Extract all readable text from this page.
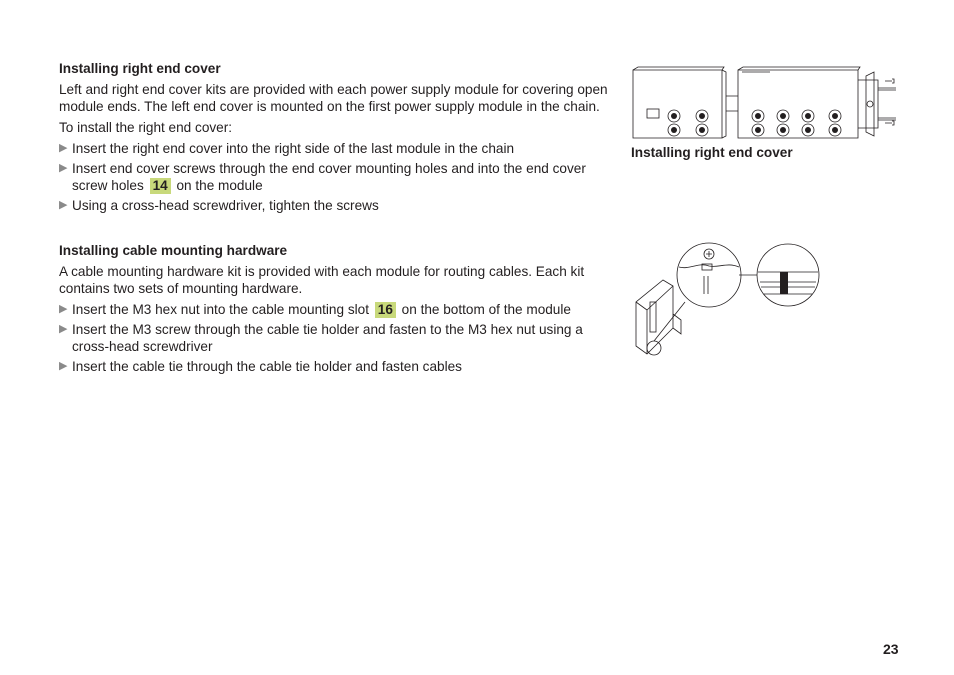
Installing right end cover
Left and right end cover kits are provided with each power supply module for covering open module ends. The left end cover is mounted on the first power supply module in the chain.
To install the right end cover:
▶ Insert the right end cover into the right side of the last module in the chain
▶ Insert end cover screws through the end cover mounting holes and into the end cover screw holes 14 on the module
▶ Using a cross-head screwdriver, tighten the screws
Installing cable mounting hardware
A cable mounting hardware kit is provided with each module for routing cables. Each kit contains two sets of mounting hardware.
▶ Insert the M3 hex nut into the cable mounting slot 16 on the bottom of the module
▶ Insert the M3 screw through the cable tie holder and fasten to the M3 hex nut using a cross-head screwdriver
▶ Insert the cable tie through the cable tie holder and fasten cables
Installing right end cover
23
